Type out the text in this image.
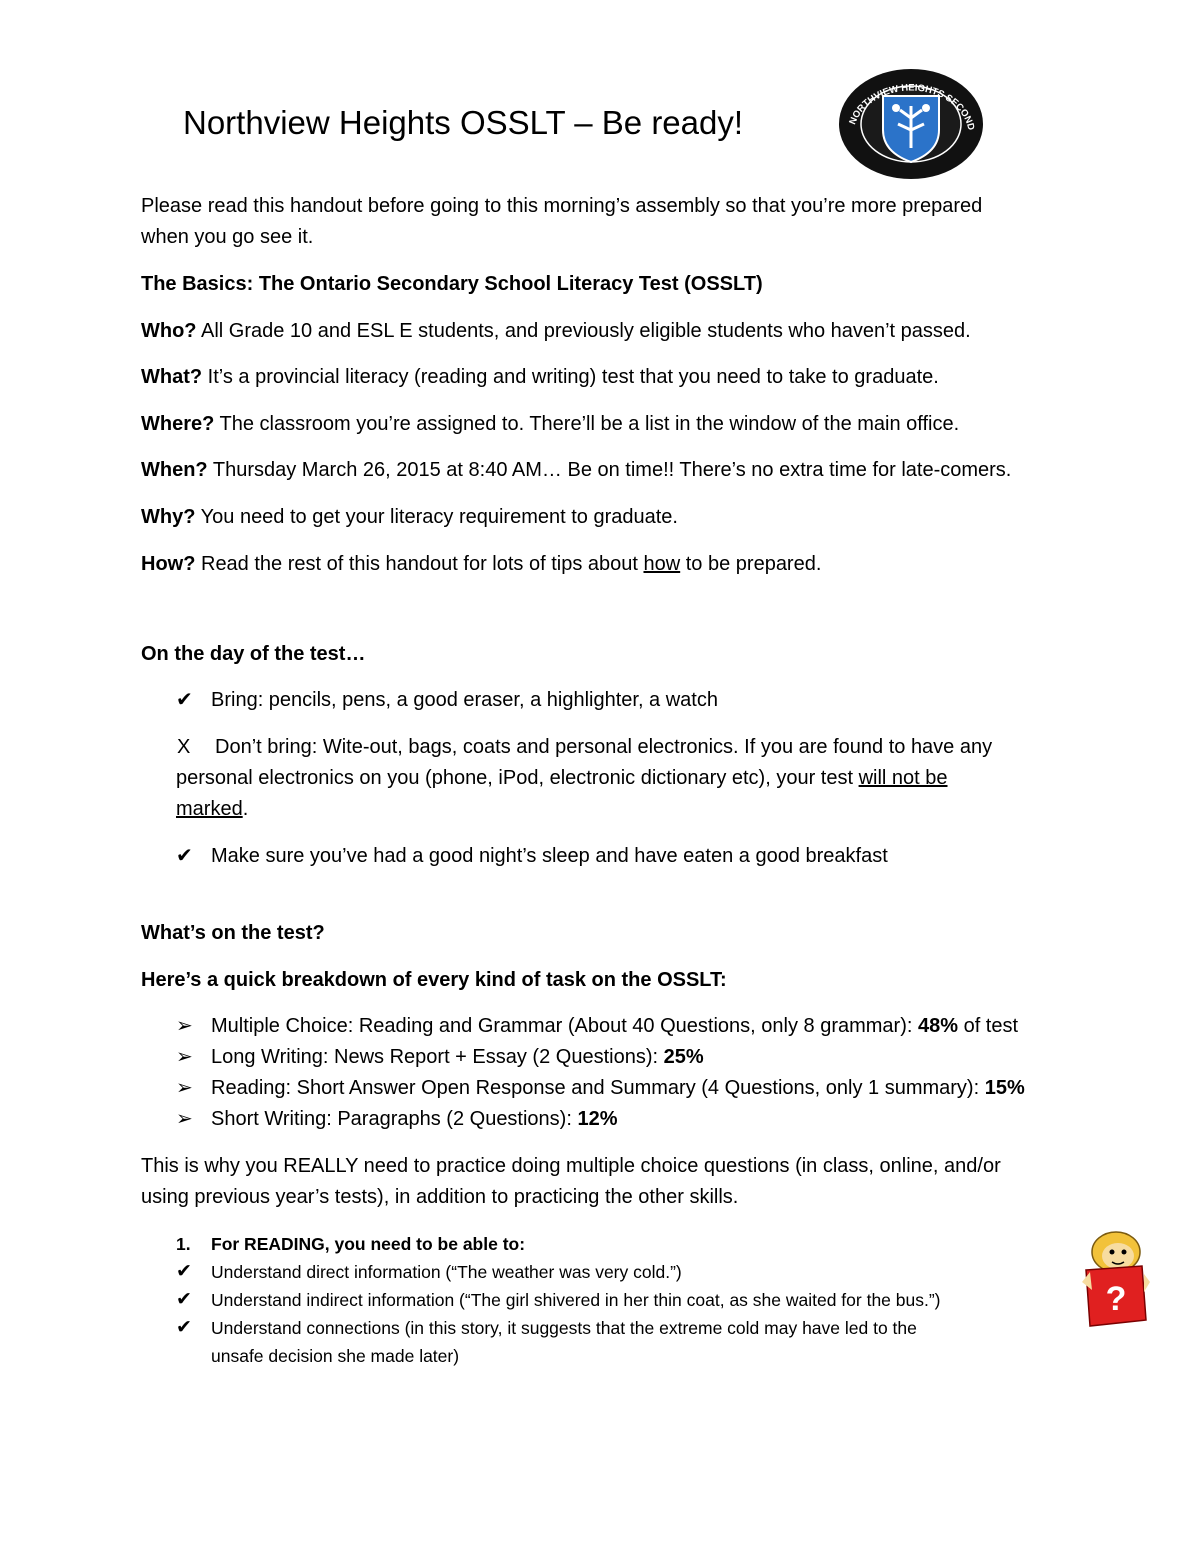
Northview Heights OSSLT – Be ready!	NORTHVIEW HEIGHTS SECOND
Please read this handout before going to this morning’s assembly so that you’re more prepared
when you go see it.
The Basics: The Ontario Secondary School Literacy Test (OSSLT)
Who? All Grade 10 and ESL E students, and previously eligible students who haven’t passed.
What? It’s a provincial literacy (reading and writing) test that you need to take to graduate.
Where? The classroom you’re assigned to. There’ll be a list in the window of the main office.
When? Thursday March 26, 2015 at 8:40 AM… Be on time!! There’s no extra time for late-comers.
Why? You need to get your literacy requirement to graduate.
How? Read the rest of this handout for lots of tips about how to be prepared.
On the day of the test…
✔ Bring: pencils, pens, a good eraser, a highlighter, a watch
X Don’t bring: Wite-out, bags, coats and personal electronics. If you are found to have any
personal electronics on you (phone, iPod, electronic dictionary etc), your test will not be
marked.
✔ Make sure you’ve had a good night’s sleep and have eaten a good breakfast
What’s on the test?
Here’s a quick breakdown of every kind of task on the OSSLT:
➢ Multiple Choice: Reading and Grammar (About 40 Questions, only 8 grammar): 48% of test
➢ Long Writing: News Report + Essay (2 Questions): 25%
➢ Reading: Short Answer Open Response and Summary (4 Questions, only 1 summary): 15%
➢ Short Writing: Paragraphs (2 Questions): 12%
This is why you REALLY need to practice doing multiple choice questions (in class, online, and/or
using previous year’s tests), in addition to practicing the other skills.
1. For READING, you need to be able to:
✔ Understand direct information (“The weather was very cold.”)
✔ Understand indirect information (“The girl shivered in her thin coat, as she waited for the bus.”)
✔ Understand connections (in this story, it suggests that the extreme cold may have led to the
unsafe decision she made later)
?
